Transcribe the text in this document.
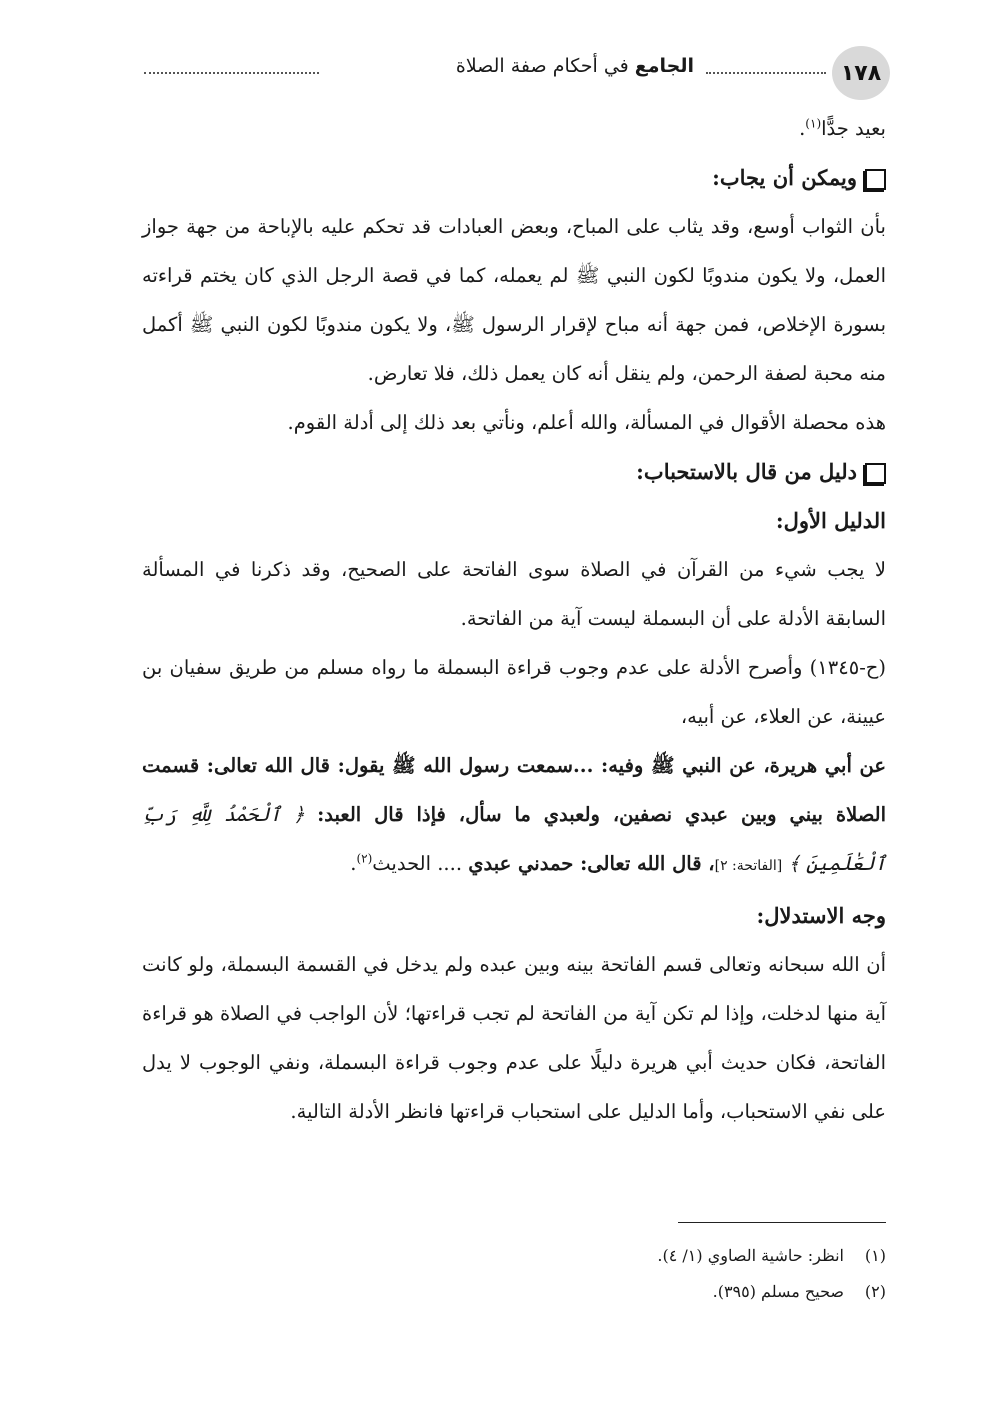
١٧٨
الجامع في أحكام صفة الصلاة

بعيد جدًّا$^{(١)}$.

ويمكن أن يجاب:

بأن الثواب أوسع، وقد يثاب على المباح، وبعض العبادات قد تحكم عليه بالإباحة من جهة جواز العمل، ولا يكون مندوبًا لكون النبي ﷺ لم يعمله، كما في قصة الرجل الذي كان يختم قراءته بسورة الإخلاص، فمن جهة أنه مباح لإقرار الرسول ﷺ، ولا يكون مندوبًا لكون النبي ﷺ أكمل منه محبة لصفة الرحمن، ولم ينقل أنه كان يعمل ذلك، فلا تعارض.

هذه محصلة الأقوال في المسألة، والله أعلم، ونأتي بعد ذلك إلى أدلة القوم.

دليل من قال بالاستحباب:

الدليل الأول:

لا يجب شيء من القرآن في الصلاة سوى الفاتحة على الصحيح، وقد ذكرنا في المسألة السابقة الأدلة على أن البسملة ليست آية من الفاتحة.

(ح-١٣٤٥) وأصرح الأدلة على عدم وجوب قراءة البسملة ما رواه مسلم من طريق سفيان بن عيينة، عن العلاء، عن أبيه،

عن أبي هريرة، عن النبي ﷺ وفيه: ...سمعت رسول الله ﷺ يقول: قال الله تعالى: قسمت الصلاة بيني وبين عبدي نصفين، ولعبدي ما سأل، فإذا قال العبد: ﴿ ٱلْحَمْدُ لِلَّهِ رَبِّ ٱلْعَٰلَمِينَ ﴾ [الفاتحة: ٢]، قال الله تعالى: حمدني عبدي .... الحديث$^{(٢)}$.

وجه الاستدلال:

أن الله سبحانه وتعالى قسم الفاتحة بينه وبين عبده ولم يدخل في القسمة البسملة، ولو كانت آية منها لدخلت، وإذا لم تكن آية من الفاتحة لم تجب قراءتها؛ لأن الواجب في الصلاة هو قراءة الفاتحة، فكان حديث أبي هريرة دليلًا على عدم وجوب قراءة البسملة، ونفي الوجوب لا يدل على نفي الاستحباب، وأما الدليل على استحباب قراءتها فانظر الأدلة التالية.

(١)انظر: حاشية الصاوي (١/ ٤).

(٢)صحيح مسلم (٣٩٥).
